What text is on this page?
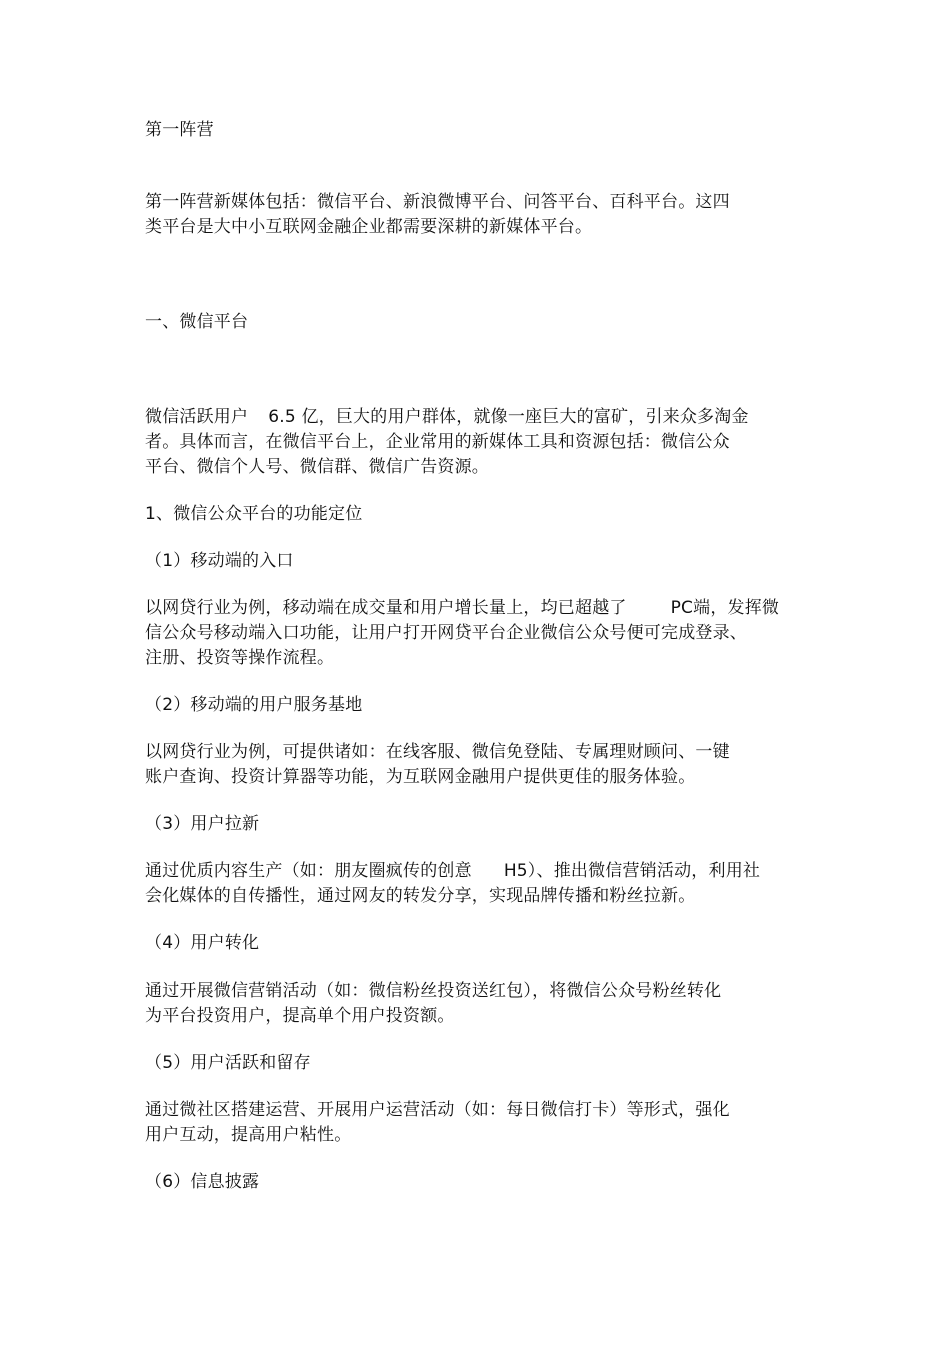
第一阵营
第一阵营新媒体包括：微信平台、新浪微博平台、问答平台、百科平台。这四
类平台是大中小互联网金融企业都需要深耕的新媒体平台。
一、微信平台
微信活跃用户 6.5 亿，巨大的用户群体，就像一座巨大的富矿，引来众多淘金
者。具体而言，在微信平台上，企业常用的新媒体工具和资源包括：微信公众
平台、微信个人号、微信群、微信广告资源。
1、微信公众平台的功能定位
（1）移动端的入口
以网贷行业为例，移动端在成交量和用户增长量上，均已超越了	PC端，发挥微
信公众号移动端入口功能，让用户打开网贷平台企业微信公众号便可完成登录、
注册、投资等操作流程。
（2）移动端的用户服务基地
以网贷行业为例，可提供诸如：在线客服、微信免登陆、专属理财顾问、一键
账户查询、投资计算器等功能，为互联网金融用户提供更佳的服务体验。
（3）用户拉新
通过优质内容生产（如：朋友圈疯传的创意 H5）、推出微信营销活动，利用社
会化媒体的自传播性，通过网友的转发分享，实现品牌传播和粉丝拉新。
（4）用户转化
通过开展微信营销活动（如：微信粉丝投资送红包），将微信公众号粉丝转化
为平台投资用户，提高单个用户投资额。
（5）用户活跃和留存
通过微社区搭建运营、开展用户运营活动（如：每日微信打卡）等形式，强化
用户互动，提高用户粘性。
（6）信息披露
